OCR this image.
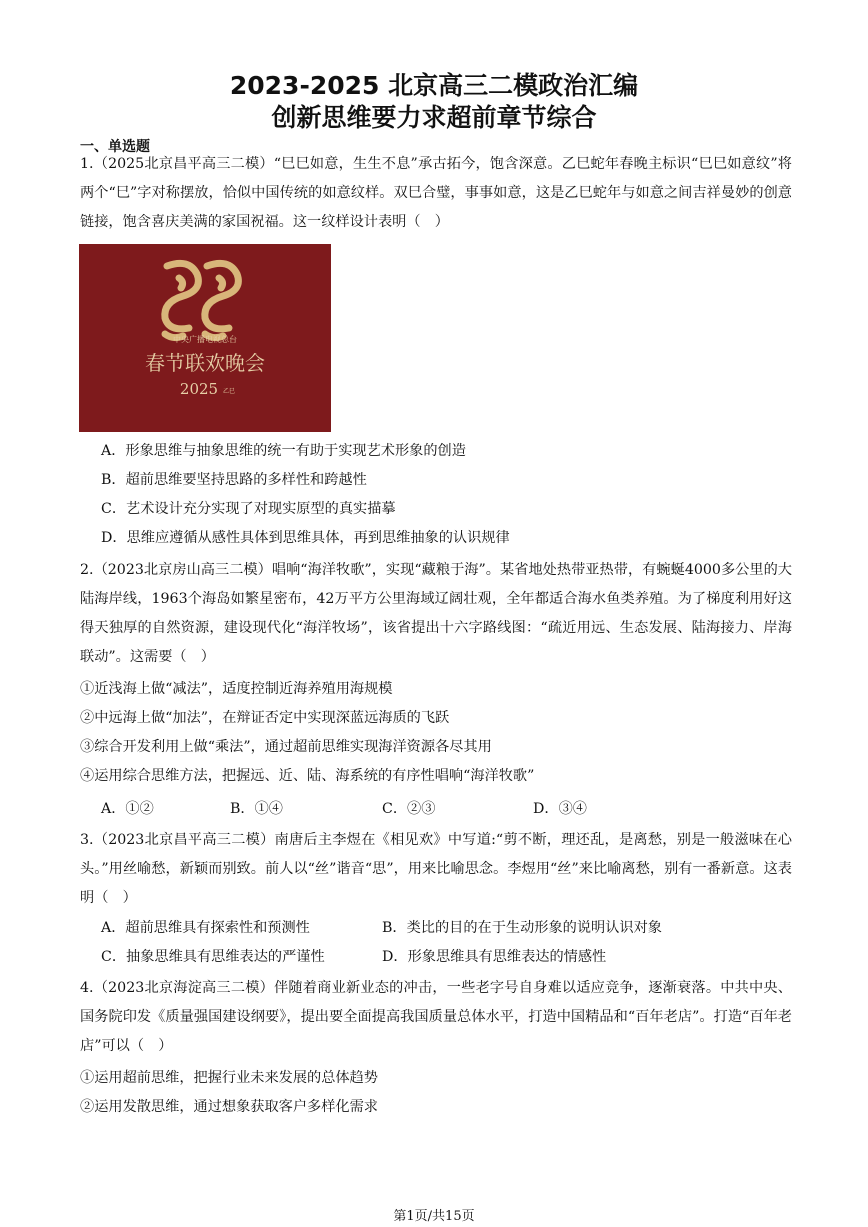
2023-2025 北京高三二模政治汇编
创新思维要力求超前章节综合
一、单选题

1.（2025北京昌平高三二模）“巳巳如意，生生不息”承古拓今，饱含深意。乙巳蛇年春晚主标识“巳巳如意纹”将两个“巳”字对称摆放，恰似中国传统的如意纹样。双巳合璧，事事如意，这是乙巳蛇年与如意之间吉祥曼妙的创意链接，饱含喜庆美满的家国祝福。这一纹样设计表明（　）

中央广播电视总台
春节联欢晚会
2025 乙巳
A．形象思维与抽象思维的统一有助于实现艺术形象的创造
B．超前思维要坚持思路的多样性和跨越性
C．艺术设计充分实现了对现实原型的真实描摹
D．思维应遵循从感性具体到思维具体，再到思维抽象的认识规律

2.（2023北京房山高三二模）唱响“海洋牧歌”，实现“藏粮于海”。某省地处热带亚热带，有蜿蜒4000多公里的大陆海岸线，1963个海岛如繁星密布，42万平方公里海域辽阔壮观，全年都适合海水鱼类养殖。为了梯度利用好这得天独厚的自然资源，建设现代化“海洋牧场”，该省提出十六字路线图：“疏近用远、生态发展、陆海接力、岸海联动”。这需要（　）

①近浅海上做“减法”，适度控制近海养殖用海规模
②中远海上做“加法”，在辩证否定中实现深蓝远海质的飞跃
③综合开发利用上做“乘法”，通过超前思维实现海洋资源各尽其用
④运用综合思维方法，把握远、近、陆、海系统的有序性唱响“海洋牧歌”
A．①②	B．①④	C．②③	D．③④

3.（2023北京昌平高三二模）南唐后主李煜在《相见欢》中写道:“剪不断，理还乱，是离愁，别是一般滋味在心头。”用丝喻愁，新颖而别致。前人以“丝”谐音“思”，用来比喻思念。李煜用“丝”来比喻离愁，别有一番新意。这表明（　）

A．超前思维具有探索性和预测性	B．类比的目的在于生动形象的说明认识对象
C．抽象思维具有思维表达的严谨性	D．形象思维具有思维表达的情感性

4.（2023北京海淀高三二模）伴随着商业新业态的冲击，一些老字号自身难以适应竞争，逐渐衰落。中共中央、国务院印发《质量强国建设纲要》，提出要全面提高我国质量总体水平，打造中国精品和“百年老店”。打造“百年老店”可以（　）

①运用超前思维，把握行业未来发展的总体趋势
②运用发散思维，通过想象获取客户多样化需求
第1页/共15页
